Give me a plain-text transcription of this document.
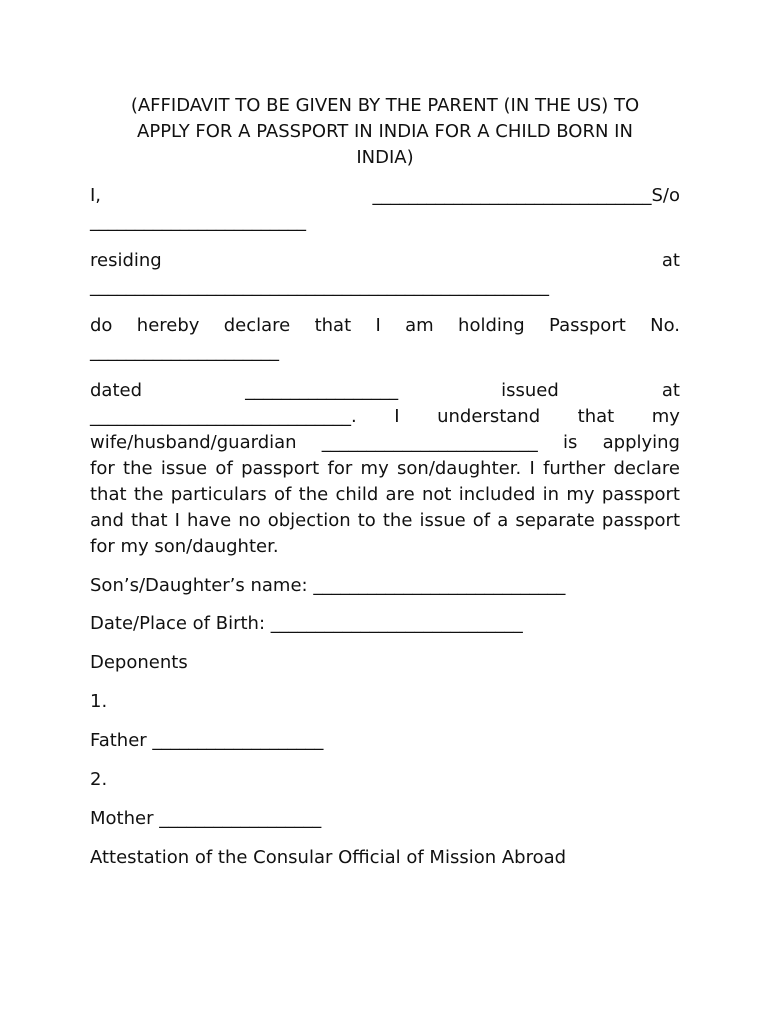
(AFFIDAVIT TO BE GIVEN BY THE PARENT (IN THE US) TO
APPLY FOR A PASSPORT IN INDIA FOR A CHILD BORN IN
INDIA)
I,	_______________________________S/o
________________________
residing	at
___________________________________________________
do hereby declare that I am holding Passport No.
_____________________
dated	_________________	issued	at
_____________________________. I understand that my
wife/husband/guardian ________________________ is applying
for the issue of passport for my son/daughter. I further declare that the particulars of the child are not included in my passport and that I have no objection to the issue of a separate passport for my son/daughter.
Son’s/Daughter’s name: ____________________________
Date/Place of Birth: ____________________________
Deponents
1.
Father ___________________
2.
Mother __________________
Attestation of the Consular Official of Mission Abroad
